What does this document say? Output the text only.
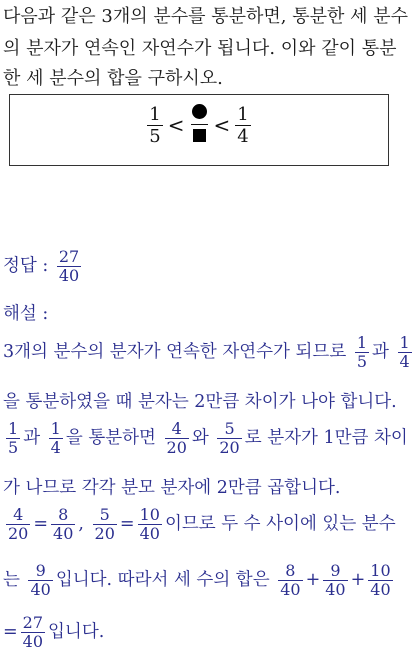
다음과 같은 3개의 분수를 통분하면, 통분한 세 분수
의 분자가 연속인 자연수가 됩니다. 이와 같이 통분
한 세 분수의 합을 구하시오.
$\frac{1}{5}$ < < $\frac{1}{4}$
정답 : $\frac{27}{40}$
해설 :
3개의 분수의 분자가 연속한 자연수가 되므로 $\frac{1}{5}$ 과 $\frac{1}{4}$
을 통분하였을 때 분자는 2만큼 차이가 나야 합니다.
$\frac{1}{5}$ 과 $\frac{1}{4}$ 을 통분하면 $\frac{4}{20}$ 와 $\frac{5}{20}$ 로 분자가 1만큼 차이
가 나므로 각각 분모 분자에 2만큼 곱합니다.
$\frac{4}{20} = \frac{8}{40}$ , $\frac{5}{20} = \frac{10}{40}$ 이므로 두 수 사이에 있는 분수
는 $\frac{9}{40}$ 입니다. 따라서 세 수의 합은 $\frac{8}{40} + \frac{9}{40} + \frac{10}{40}$
= $\frac{27}{40}$ 입니다.
